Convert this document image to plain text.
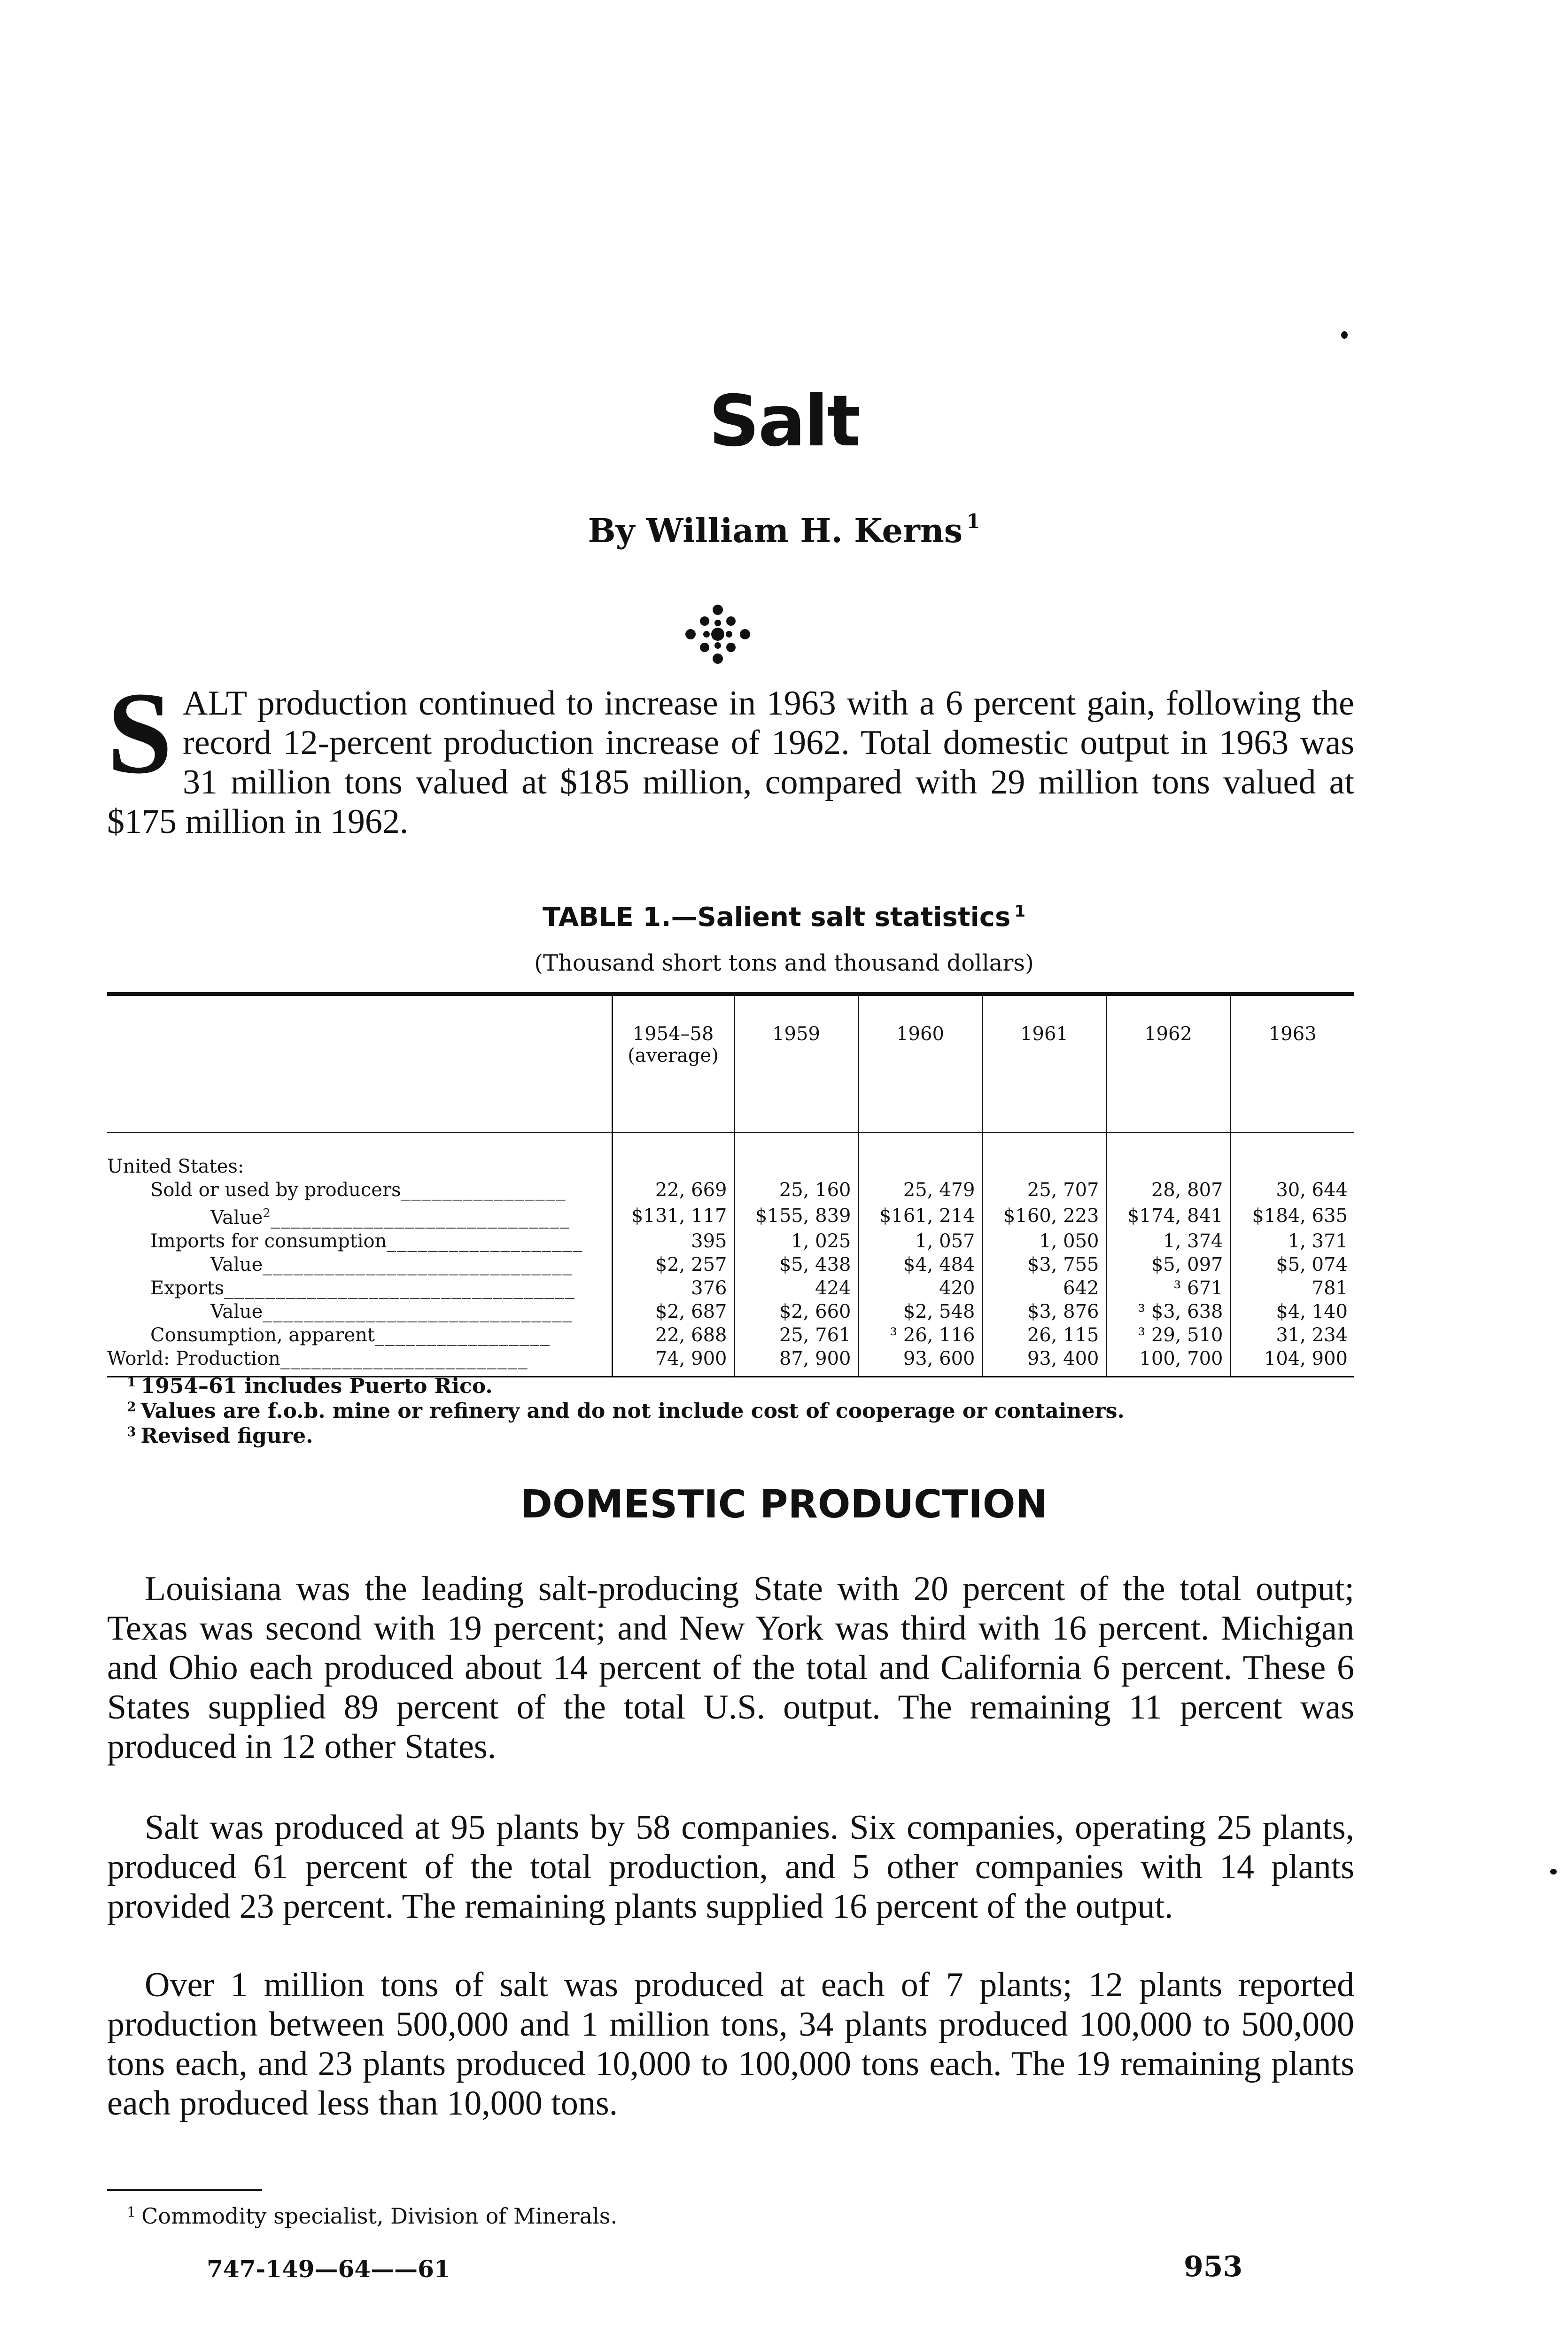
Salt
By William H. Kerns $^1$
SALT production continued to increase in 1963 with a 6 percent gain, following the record 12-percent production increase of 1962. Total domestic output in 1963 was 31 million tons valued at $185 million, compared with 29 million tons valued at $175 million in 1962.
TABLE 1.—Salient salt statistics $^1$
(Thousand short tons and thousand dollars)
	1954–58 (average)	1959	1960	1961	1962	1963
United States:						
Sold or used by producers________________	22, 669	25, 160	25, 479	25, 707	28, 807	30, 644
Value$^2$_____________________________	$131, 117	$155, 839	$161, 214	$160, 223	$174, 841	$184, 635
Imports for consumption___________________	395	1, 025	1, 057	1, 050	1, 374	1, 371
Value______________________________	$2, 257	$5, 438	$4, 484	$3, 755	$5, 097	$5, 074
Exports__________________________________	376	424	420	642	³ 671	781
Value______________________________	$2, 687	$2, 660	$2, 548	$3, 876	³ $3, 638	$4, 140
Consumption, apparent_________________	22, 688	25, 761	³ 26, 116	26, 115	³ 29, 510	31, 234
World: Production________________________	74, 900	87, 900	93, 600	93, 400	100, 700	104, 900
$^1$ 1954–61 includes Puerto Rico.
$^2$ Values are f.o.b. mine or refinery and do not include cost of cooperage or containers.
$^3$ Revised figure.
DOMESTIC PRODUCTION
Louisiana was the leading salt-producing State with 20 percent of the total output; Texas was second with 19 percent; and New York was third with 16 percent. Michigan and Ohio each produced about 14 percent of the total and California 6 percent. These 6 States supplied 89 percent of the total U.S. output. The remaining 11 percent was produced in 12 other States.
Salt was produced at 95 plants by 58 companies. Six companies, operating 25 plants, produced 61 percent of the total production, and 5 other companies with 14 plants provided 23 percent. The remaining plants supplied 16 percent of the output.
Over 1 million tons of salt was produced at each of 7 plants; 12 plants reported production between 500,000 and 1 million tons, 34 plants produced 100,000 to 500,000 tons each, and 23 plants produced 10,000 to 100,000 tons each. The 19 remaining plants each produced less than 10,000 tons.
$^1$ Commodity specialist, Division of Minerals.
747-149—64——61	953
